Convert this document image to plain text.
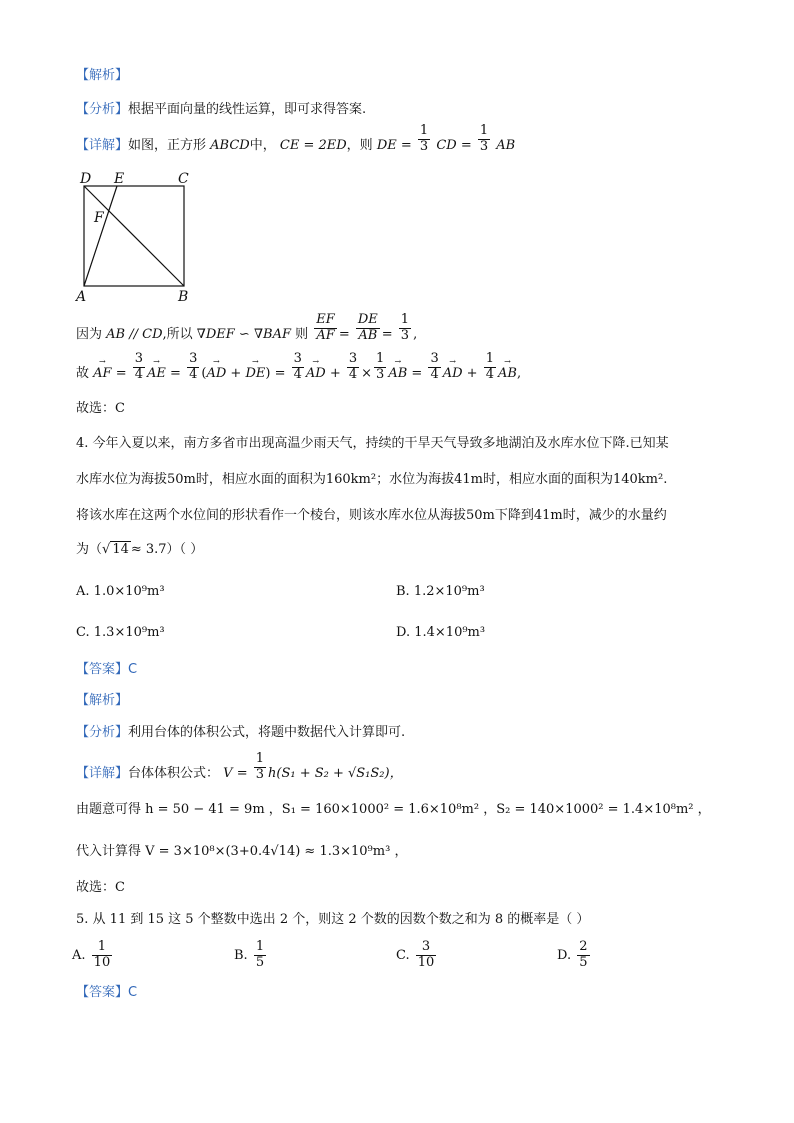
【解析】
【分析】根据平面向量的线性运算，即可求得答案.
【详解】如图，正方形 ABCD中， CE = 2ED，则 DE = $\frac{1}{3}$ CD = $\frac{1}{3}$ AB
D E	C
F
A	B
因为 AB // CD,所以 ∇DEF ∽ ∇BAF 则 $\frac{EF}{AF} = \frac{DE}{AB} = \frac{1}{3}$ ,
故 → AF = $\frac{3}{4}$ → AE = $\frac{3}{4}$ (→ AD + → $DE) = \frac{3}{4}$ → AD + $\frac{3}{4} \times \frac{1}{3}$ → AB = $\frac{3}{4}$ → AD + $\frac{1}{4}$ → AB,
故选：C
4. 今年入夏以来，南方多省市出现高温少雨天气，持续的干旱天气导致多地湖泊及水库水位下降.已知某
水库水位为海拔50m时，相应水面的面积为160km²；水位为海拔41m时，相应水面的面积为140km².
将该水库在这两个水位间的形状看作一个棱台，则该水库水位从海拔50m下降到41m时，减少的水量约
为（√ 14 ≈ 3.7）（ ）
A. 1.0×10⁹m³	B. 1.2×10⁹m³
C. 1.3×10⁹m³	D. 1.4×10⁹m³
【答案】C
【解析】
【分析】利用台体的体积公式，将题中数据代入计算即可.
【详解】台体体积公式： $V = \frac{1}{3} h(S_1 + S_2 + √S_1S_2)$，
由题意可得 h = 50 − 41 = 9m ，S₁ = 160×1000² = 1.6×10⁸m² ，S₂ = 140×1000² = 1.4×10⁸m² ，
代入计算得 V = 3×10⁸×(3+0.4√14) ≈ 1.3×10⁹m³ ，
故选：C
5. 从 11 到 15 这 5 个整数中选出 2 个，则这 2 个数的因数个数之和为 8 的概率是（ ）
A. $\frac{1}{10}$	B. $\frac{1}{5}$	C. $\frac{3}{10}$	D. $\frac{2}{5}$
【答案】C
